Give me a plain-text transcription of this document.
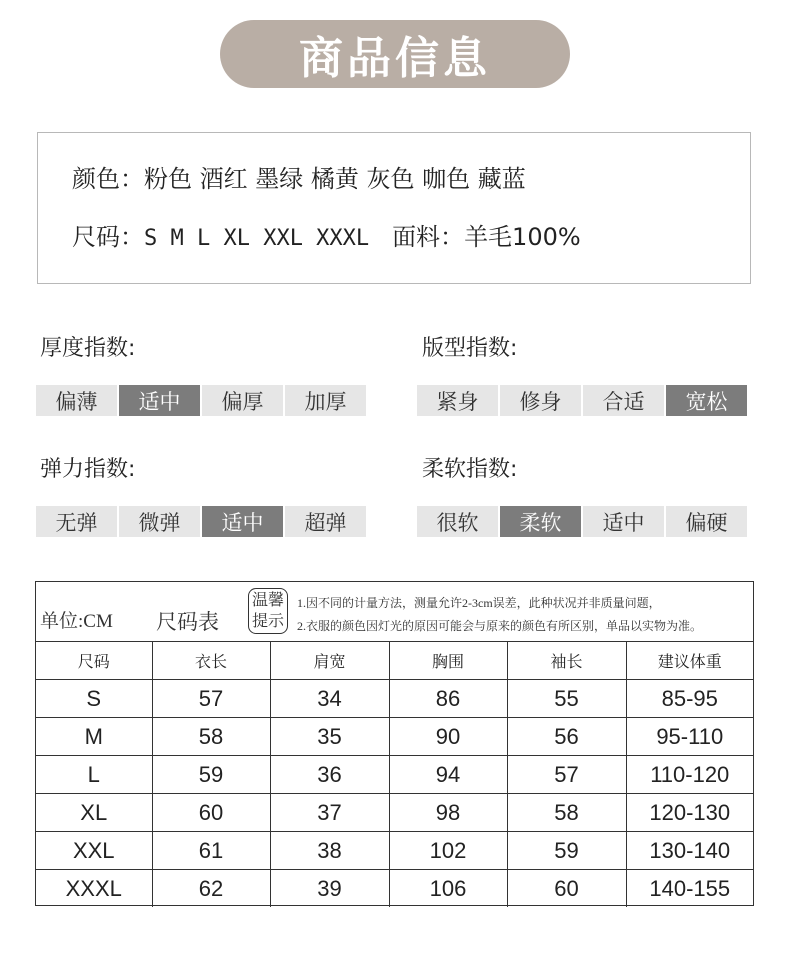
商品信息
颜色：粉色 酒红 墨绿 橘黄 灰色 咖色 藏蓝
尺码：S M L XL XXL XXXL 面料：羊毛100%
厚度指数:
偏薄	适中	偏厚	加厚
版型指数:
紧身	修身	合适	宽松
弹力指数:
无弹	微弹	适中	超弹
柔软指数:
很软	柔软	适中	偏硬
单位:CM 尺码表
温馨
提示
1.因不同的计量方法，测量允许2-3cm误差，此种状况并非质量问题，
2.衣服的颜色因灯光的原因可能会与原来的颜色有所区别，单品以实物为准。
尺码	衣长	肩宽	胸围	袖长	建议体重
S	57	34	86	55	85-95
M	58	35	90	56	95-110
L	59	36	94	57	110-120
XL	60	37	98	58	120-130
XXL	61	38	102	59	130-140
XXXL	62	39	106	60	140-155
